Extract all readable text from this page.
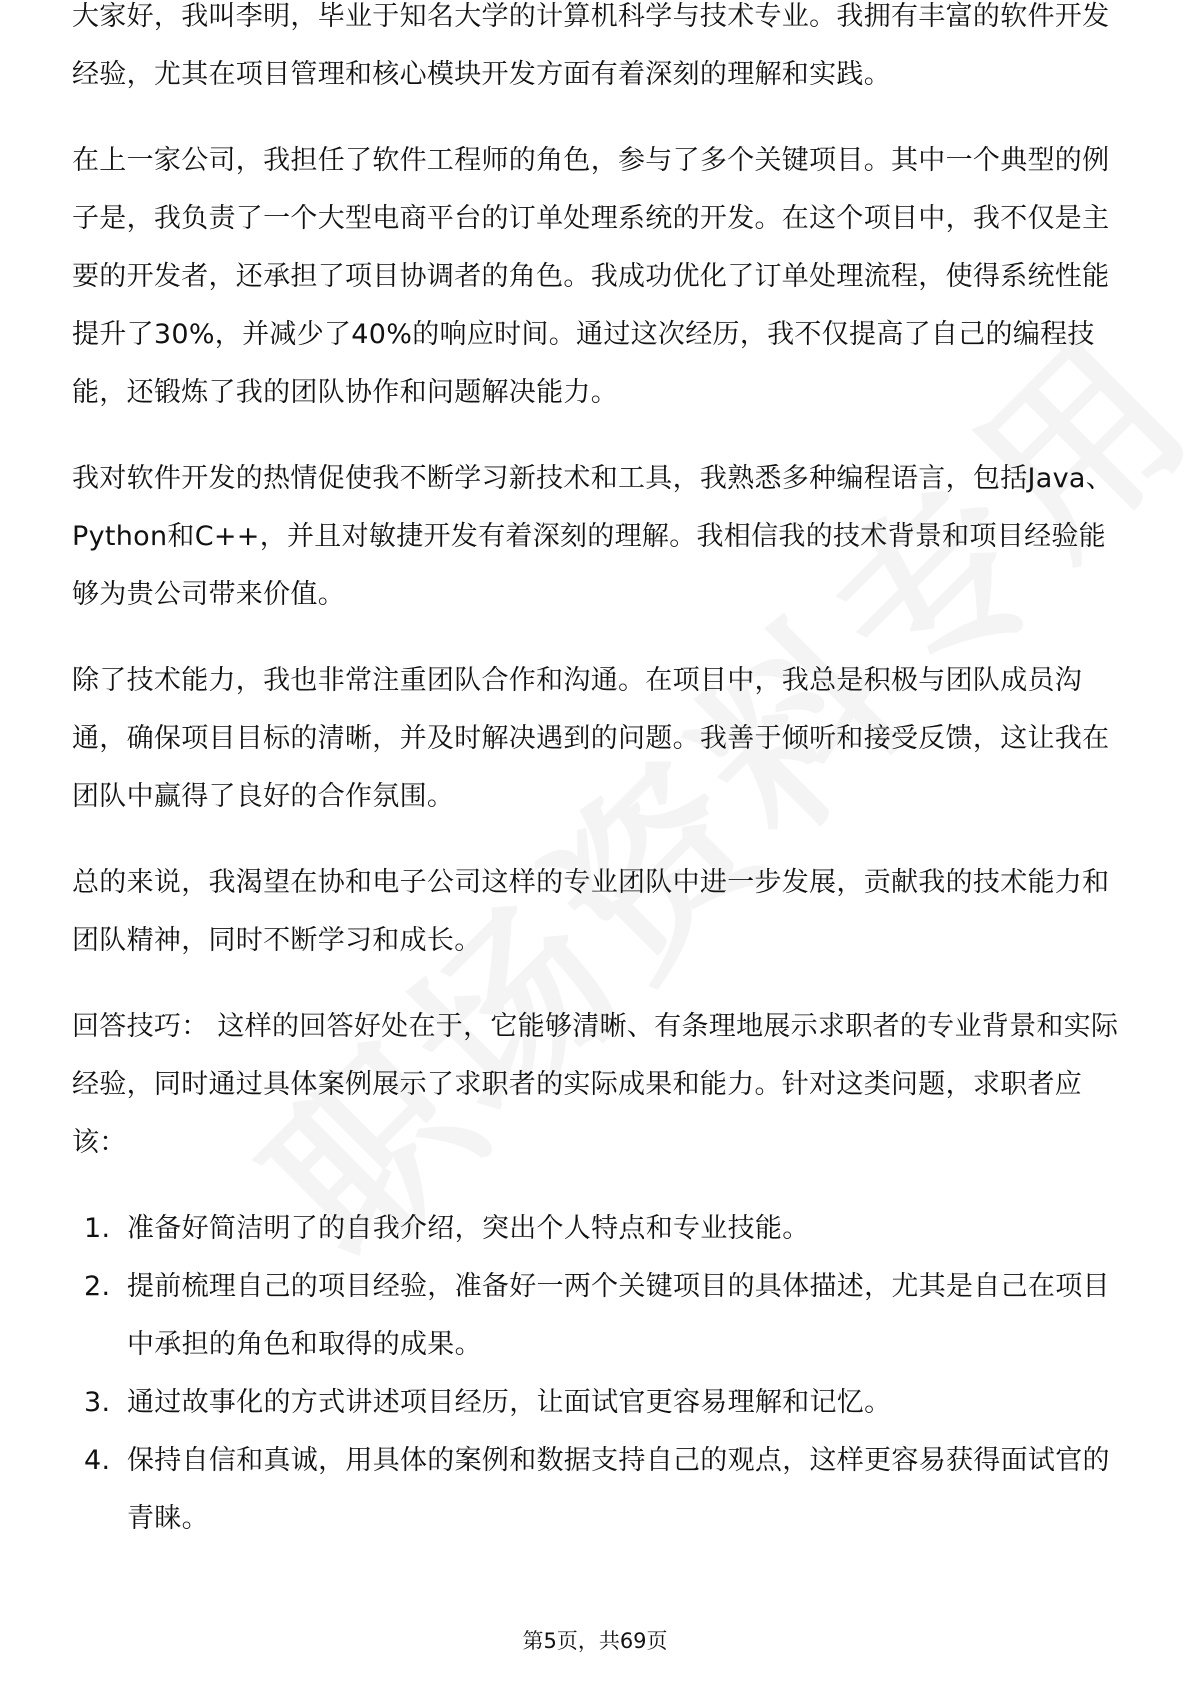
大家好，我叫李明，毕业于知名大学的计算机科学与技术专业。我拥有丰富的软件开发经验，尤其在项目管理和核心模块开发方面有着深刻的理解和实践。

在上一家公司，我担任了软件工程师的角色，参与了多个关键项目。其中一个典型的例子是，我负责了一个大型电商平台的订单处理系统的开发。在这个项目中，我不仅是主要的开发者，还承担了项目协调者的角色。我成功优化了订单处理流程，使得系统性能提升了30%，并减少了40%的响应时间。通过这次经历，我不仅提高了自己的编程技能，还锻炼了我的团队协作和问题解决能力。

我对软件开发的热情促使我不断学习新技术和工具，我熟悉多种编程语言，包括Java、Python和C++，并且对敏捷开发有着深刻的理解。我相信我的技术背景和项目经验能够为贵公司带来价值。

除了技术能力，我也非常注重团队合作和沟通。在项目中，我总是积极与团队成员沟通，确保项目目标的清晰，并及时解决遇到的问题。我善于倾听和接受反馈，这让我在团队中赢得了良好的合作氛围。

总的来说，我渴望在协和电子公司这样的专业团队中进一步发展，贡献我的技术能力和团队精神，同时不断学习和成长。

回答技巧： 这样的回答好处在于，它能够清晰、有条理地展示求职者的专业背景和实际经验，同时通过具体案例展示了求职者的实际成果和能力。针对这类问题，求职者应该：

1. 准备好简洁明了的自我介绍，突出个人特点和专业技能。
2. 提前梳理自己的项目经验，准备好一两个关键项目的具体描述，尤其是自己在项目中承担的角色和取得的成果。
3. 通过故事化的方式讲述项目经历，让面试官更容易理解和记忆。
4. 保持自信和真诚，用具体的案例和数据支持自己的观点，这样更容易获得面试官的青睐。
第5页，共69页
